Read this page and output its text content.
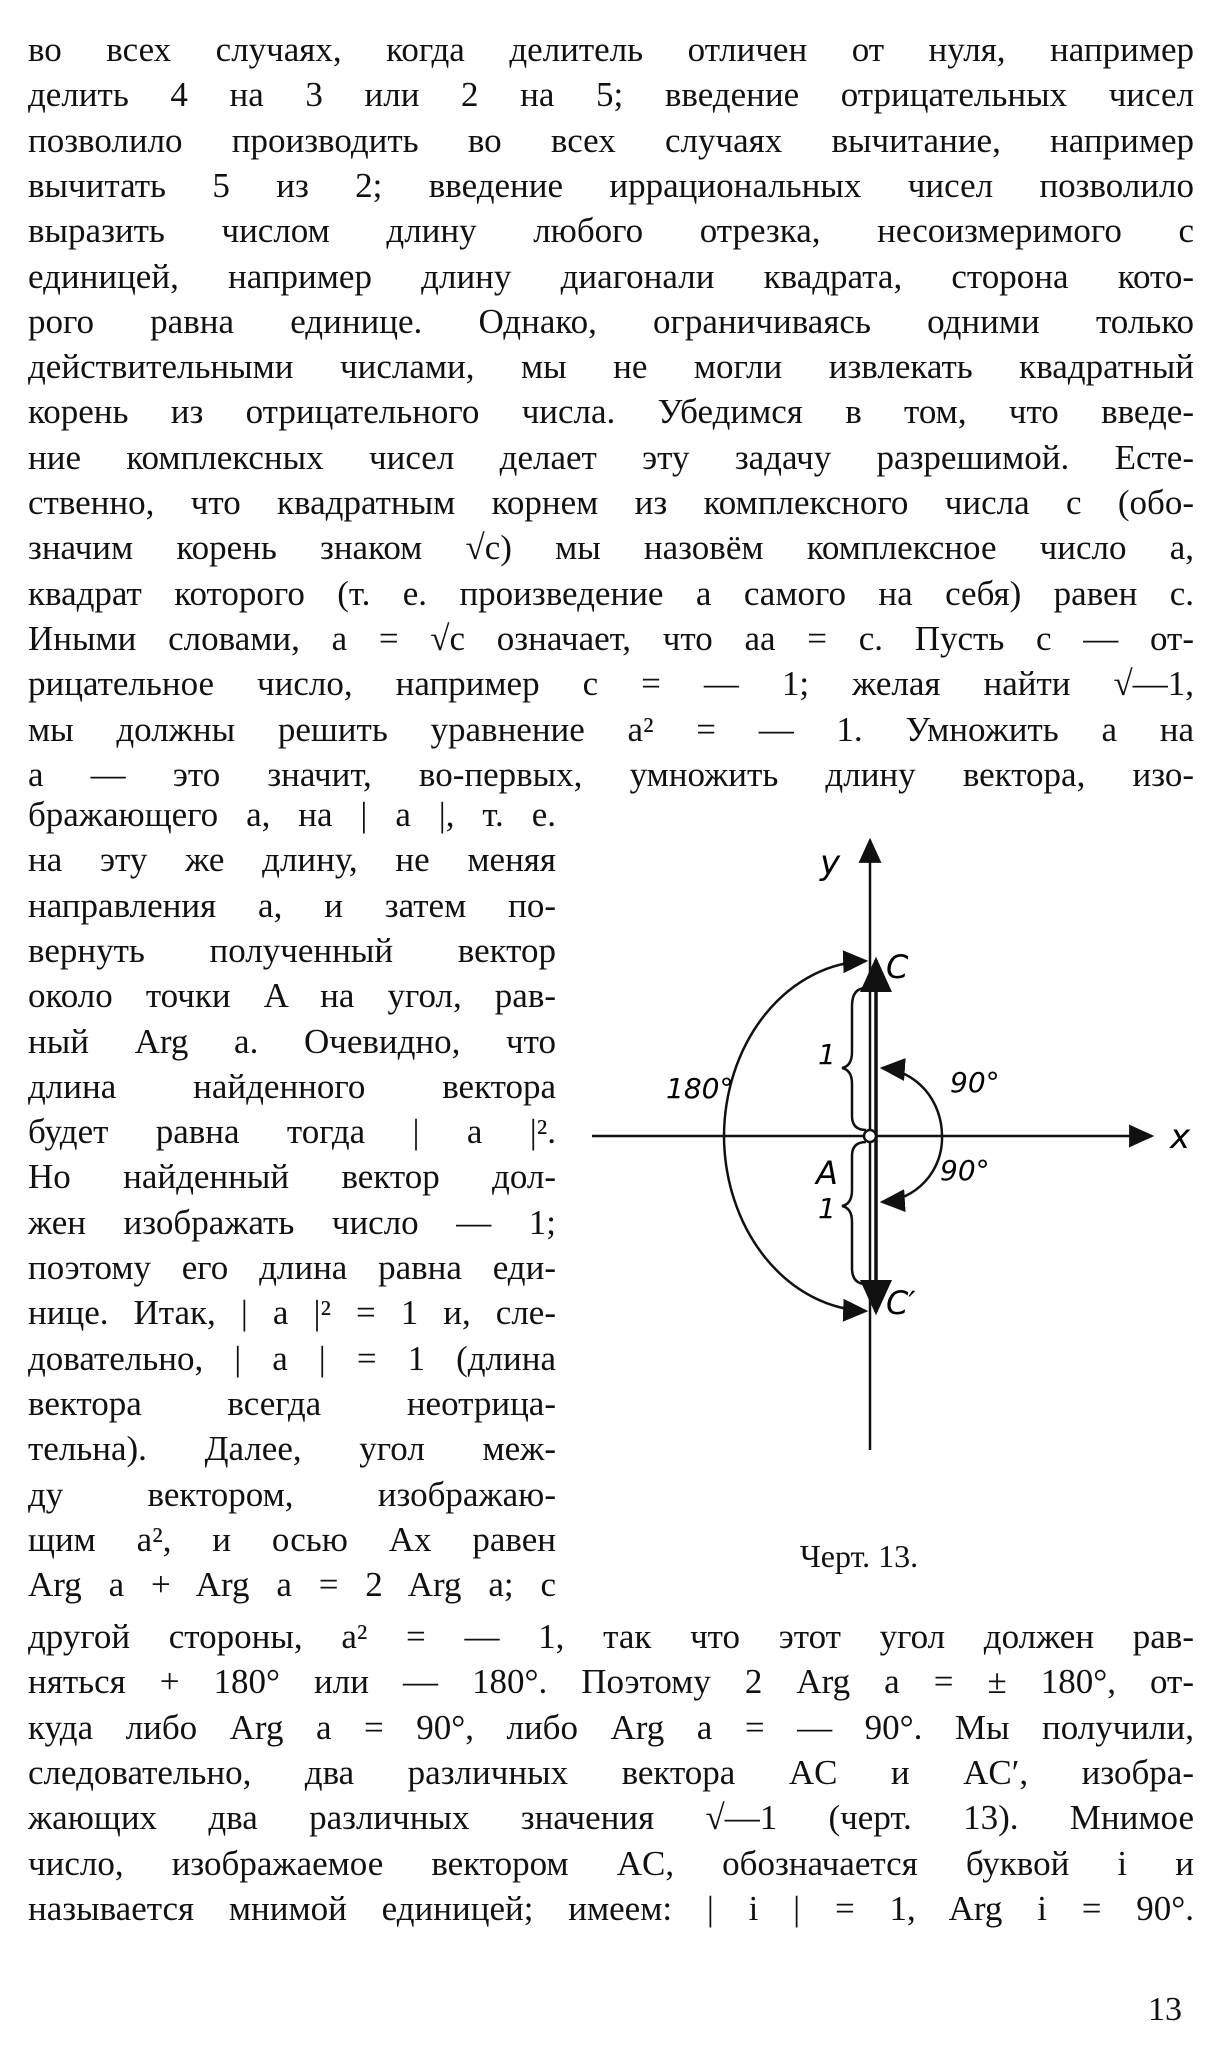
во всех случаях, когда делитель отличен от нуля, например
делить 4 на 3 или 2 на 5; введение отрицательных чисел
позволило производить во всех случаях вычитание, например
вычитать 5 из 2; введение иррациональных чисел позволило
выразить числом длину любого отрезка, несоизмеримого с
единицей, например длину диагонали квадрата, сторона кото-
рого равна единице. Однако, ограничиваясь одними только
действительными числами, мы не могли извлекать квадратный
корень из отрицательного числа. Убедимся в том, что введе-
ние комплексных чисел делает эту задачу разрешимой. Есте-
ственно, что квадратным корнем из комплексного числа c (обо-
значим корень знаком √c) мы назовём комплексное число a,
квадрат которого (т. е. произведение a самого на себя) равен c.
Иными словами, a = √c означает, что aa = c. Пусть c — от-
рицательное число, например c = — 1; желая найти √—1,
мы должны решить уравнение a² = — 1. Умножить a на
a — это значит, во-первых, умножить длину вектора, изо-
бражающего a, на | a |, т. е.
на эту же длину, не меняя
направления a, и затем по-
вернуть полученный вектор
около точки A на угол, рав-
ный Arg a. Очевидно, что
длина найденного вектора
будет равна тогда | a |².
Но найденный вектор дол-
жен изображать число — 1;
поэтому его длина равна еди-
нице. Итак, | a |² = 1 и, сле-
довательно, | a | = 1 (длина
вектора всегда неотрица-
тельна). Далее, угол меж-
ду вектором, изображаю-
щим a², и осью Ax равен
Arg a + Arg a = 2 Arg a; с
другой стороны, a² = — 1, так что этот угол должен рав-
няться + 180° или — 180°. Поэтому 2 Arg a = ± 180°, от-
куда либо Arg a = 90°, либо Arg a = — 90°. Мы получили,
следовательно, два различных вектора AC и AC′, изобра-
жающих два различных значения √—1 (черт. 13). Мнимое
число, изображаемое вектором AC, обозначается буквой i и
называется мнимой единицей; имеем: | i | = 1, Arg i = 90°.
y
x
C
C′
A
180°	90°
90°
1
1
Черт. 13.
13
